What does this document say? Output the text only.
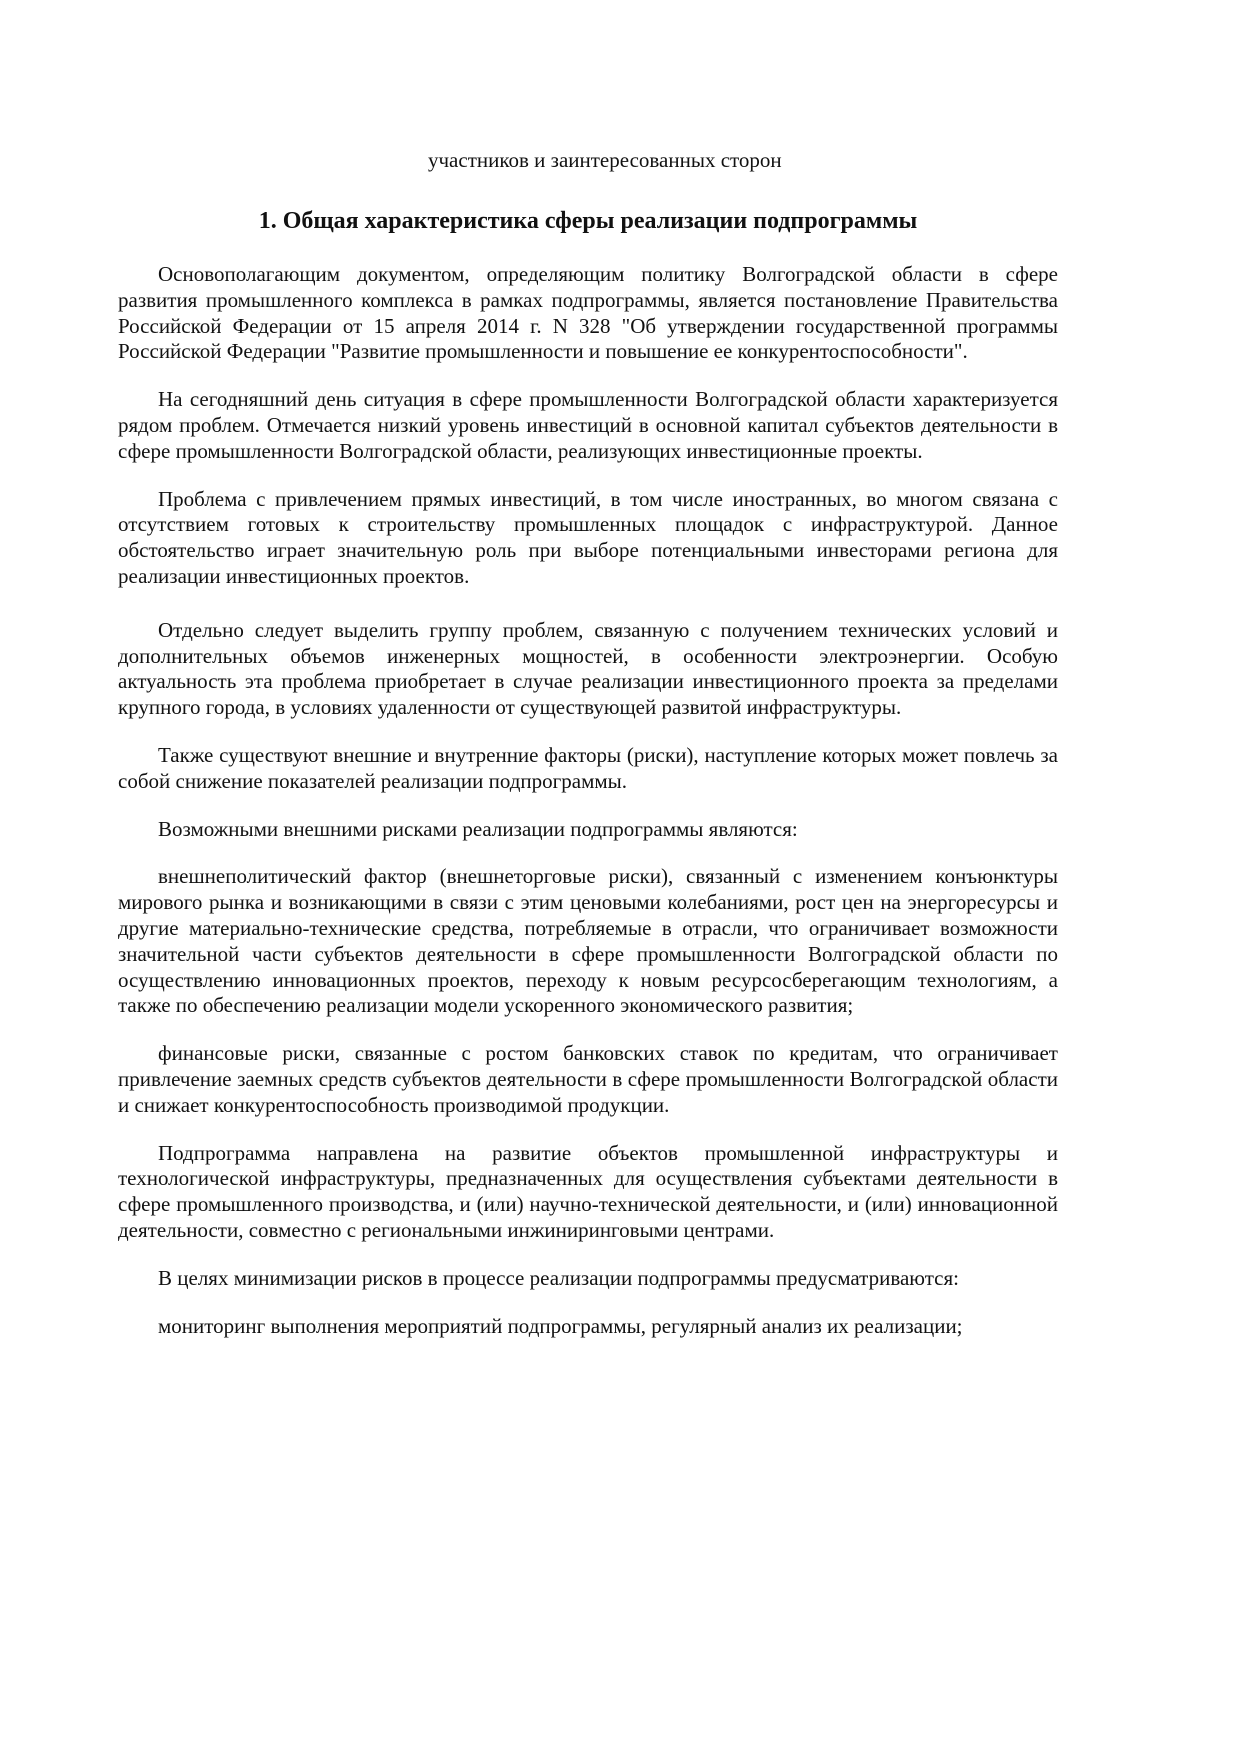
участников и заинтересованных сторон
1. Общая характеристика сферы реализации подпрограммы

Основополагающим документом, определяющим политику Волгоградской области в сфере развития промышленного комплекса в рамках подпрограммы, является постановление Правительства Российской Федерации от 15 апреля 2014 г. N 328 "Об утверждении государственной программы Российской Федерации "Развитие промышленности и повышение ее конкурентоспособности".

На сегодняшний день ситуация в сфере промышленности Волгоградской области характеризуется рядом проблем. Отмечается низкий уровень инвестиций в основной капитал субъектов деятельности в сфере промышленности Волгоградской области, реализующих инвестиционные проекты.

Проблема с привлечением прямых инвестиций, в том числе иностранных, во многом связана с отсутствием готовых к строительству промышленных площадок с инфраструктурой. Данное обстоятельство играет значительную роль при выборе потенциальными инвесторами региона для реализации инвестиционных проектов.

Отдельно следует выделить группу проблем, связанную с получением технических условий и дополнительных объемов инженерных мощностей, в особенности электроэнергии. Особую актуальность эта проблема приобретает в случае реализации инвестиционного проекта за пределами крупного города, в условиях удаленности от существующей развитой инфраструктуры.

Также существуют внешние и внутренние факторы (риски), наступление которых может повлечь за собой снижение показателей реализации подпрограммы.

Возможными внешними рисками реализации подпрограммы являются:

внешнеполитический фактор (внешнеторговые риски), связанный с изменением конъюнктуры мирового рынка и возникающими в связи с этим ценовыми колебаниями, рост цен на энергоресурсы и другие материально-технические средства, потребляемые в отрасли, что ограничивает возможности значительной части субъектов деятельности в сфере промышленности Волгоградской области по осуществлению инновационных проектов, переходу к новым ресурсосберегающим технологиям, а также по обеспечению реализации модели ускоренного экономического развития;

финансовые риски, связанные с ростом банковских ставок по кредитам, что ограничивает привлечение заемных средств субъектов деятельности в сфере промышленности Волгоградской области и снижает конкурентоспособность производимой продукции.

Подпрограмма направлена на развитие объектов промышленной инфраструктуры и технологической инфраструктуры, предназначенных для осуществления субъектами деятельности в сфере промышленного производства, и (или) научно-технической деятельности, и (или) инновационной деятельности, совместно с региональными инжиниринговыми центрами.

В целях минимизации рисков в процессе реализации подпрограммы предусматриваются:

мониторинг выполнения мероприятий подпрограммы, регулярный анализ их реализации;
